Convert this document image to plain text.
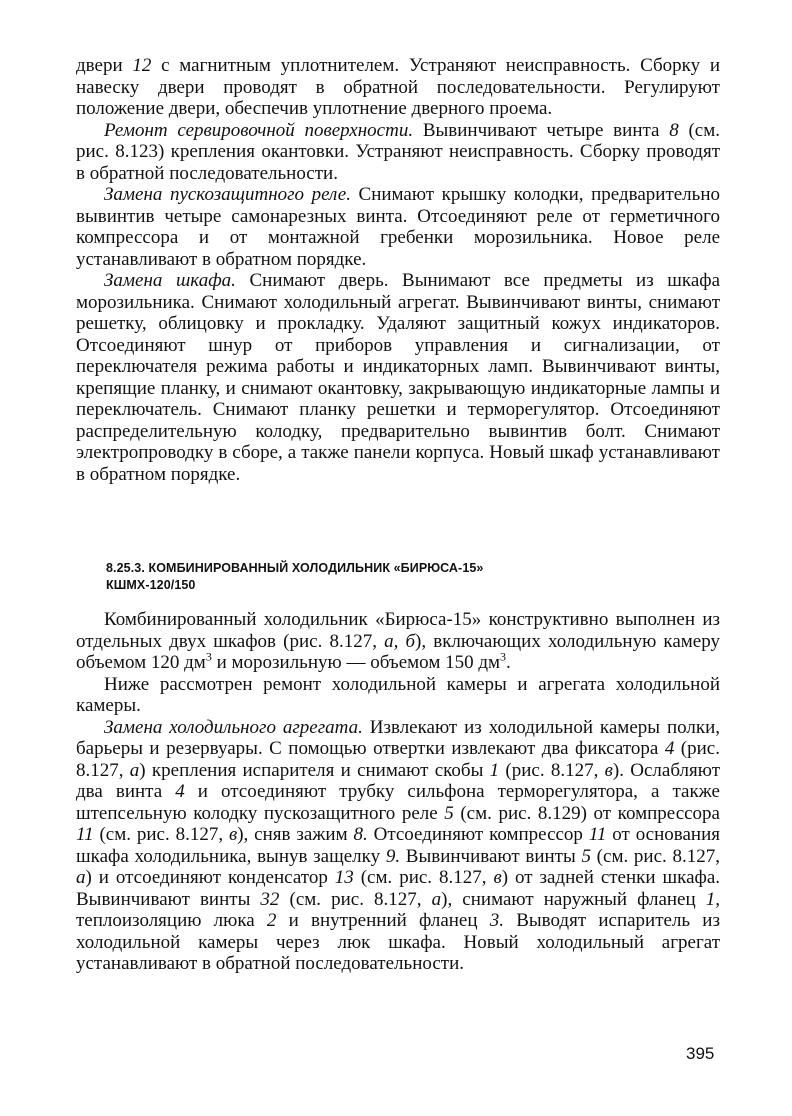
двери 12 с магнитным уплотнителем. Устраняют неисправность. Сборку и навеску двери проводят в обратной последовательности. Регулируют положение двери, обеспечив уплотнение дверного проема.

Ремонт сервировочной поверхности. Вывинчивают четыре винта 8 (см. рис. 8.123) крепления окантовки. Устраняют неисправность. Сборку проводят в обратной последовательности.

Замена пускозащитного реле. Снимают крышку колодки, предварительно вывинтив четыре самонарезных винта. Отсоединяют реле от герметичного компрессора и от монтажной гребенки морозильника. Новое реле устанавливают в обратном порядке.

Замена шкафа. Снимают дверь. Вынимают все предметы из шкафа морозильника. Снимают холодильный агрегат. Вывинчивают винты, снимают решетку, облицовку и прокладку. Удаляют защитный кожух индикаторов. Отсоединяют шнур от приборов управления и сигнализации, от переключателя режима работы и индикаторных ламп. Вывинчивают винты, крепящие планку, и снимают окантовку, закрывающую индикаторные лампы и переключатель. Снимают планку решетки и терморегулятор. Отсоединяют распределительную колодку, предварительно вывинтив болт. Снимают электропроводку в сборе, а также панели корпуса. Новый шкаф устанавливают в обратном порядке.

8.25.3. КОМБИНИРОВАННЫЙ ХОЛОДИЛЬНИК «БИРЮСА-15»
КШМХ-120/150

Комбинированный холодильник «Бирюса-15» конструктивно выполнен из отдельных двух шкафов (рис. 8.127, а, б), включающих холодильную камеру объемом 120 $дм^3$ и морозильную — объемом 150 $дм^3$.

Ниже рассмотрен ремонт холодильной камеры и агрегата холодильной камеры.

Замена холодильного агрегата. Извлекают из холодильной камеры полки, барьеры и резервуары. С помощью отвертки извлекают два фиксатора 4 (рис. 8.127, а) крепления испарителя и снимают скобы 1 (рис. 8.127, в). Ослабляют два винта 4 и отсоединяют трубку сильфона терморегулятора, а также штепсельную колодку пускозащитного реле 5 (см. рис. 8.129) от компрессора 11 (см. рис. 8.127, в), сняв зажим 8. Отсоединяют компрессор 11 от основания шкафа холодильника, вынув защелку 9. Вывинчивают винты 5 (см. рис. 8.127, а) и отсоединяют конденсатор 13 (см. рис. 8.127, в) от задней стенки шкафа. Вывинчивают винты 32 (см. рис. 8.127, а), снимают наружный фланец 1, теплоизоляцию люка 2 и внутренний фланец 3. Выводят испаритель из холодильной камеры через люк шкафа. Новый холодильный агрегат устанавливают в обратной последовательности.

395
